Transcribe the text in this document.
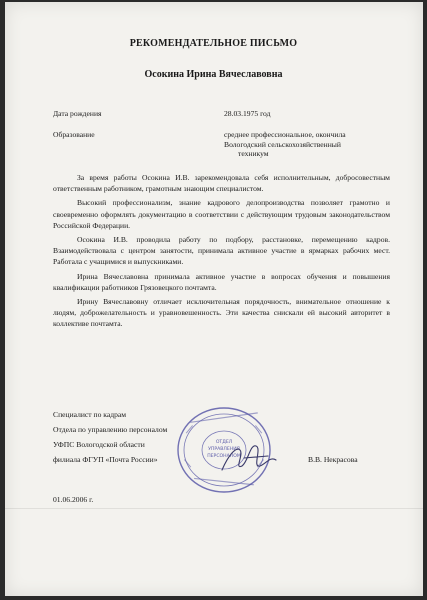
РЕКОМЕНДАТЕЛЬНОЕ ПИСЬМО
Осокина Ирина Вячеславовна
Дата рождения	28.03.1975 год
Образование	среднее профессиональное, окончила
Вологодский сельскохозяйственный
техникум

За время работы Осокина И.В. зарекомендовала себя исполнительным, добросовестным ответственным работником, грамотным знающим специалистом.

Высокий профессионализм, знание кадрового делопроизводства позволяет грамотно и своевременно оформлять документацию в соответствии с действующим трудовым законодательством Российской Федерации.

Осокина И.В. проводила работу по подбору, расстановке, перемещению кадров. Взаимодействовала с центром занятости, принимала активное участие в ярмарках рабочих мест. Работала с учащимися и выпускниками.

Ирина Вячеславовна принимала активное участие в вопросах обучения и повышения квалификации работников Грязовецкого почтамта.

Ирину Вячеславовну отличает исключительная порядочность, внимательное отношение к людям, доброжелательность и уравновешенность. Эти качества снискали ей высокий авторитет в коллективе почтамта.

Специалист по кадрам
Отдела по управлению персоналом
УФПС Вологодской области
филиала ФГУП «Почта России»	В.В. Некрасова
ОТДЕЛ
УПРАВЛЕНИЯ
ПЕРСОНАЛОМ
01.06.2006 г.
